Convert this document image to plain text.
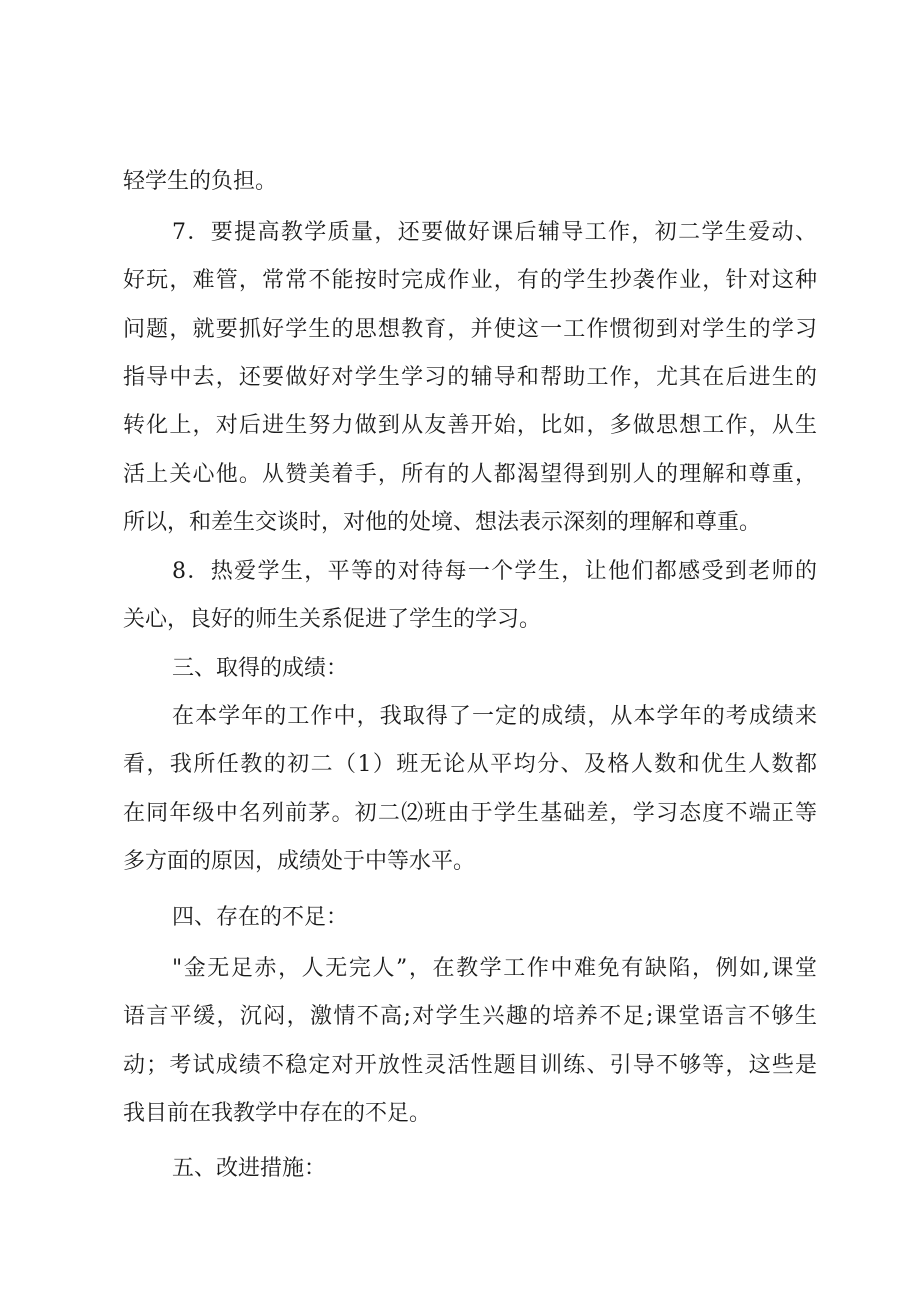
轻学生的负担。
7．要提高教学质量，还要做好课后辅导工作，初二学生爱动、
好玩，难管，常常不能按时完成作业，有的学生抄袭作业，针对这种
问题，就要抓好学生的思想教育，并使这一工作惯彻到对学生的学习
指导中去，还要做好对学生学习的辅导和帮助工作，尤其在后进生的
转化上，对后进生努力做到从友善开始，比如，多做思想工作，从生
活上关心他。从赞美着手，所有的人都渴望得到别人的理解和尊重，
所以，和差生交谈时，对他的处境、想法表示深刻的理解和尊重。
8．热爱学生，平等的对待每一个学生，让他们都感受到老师的
关心，良好的师生关系促进了学生的学习。
三、取得的成绩：
在本学年的工作中，我取得了一定的成绩，从本学年的考成绩来
看，我所任教的初二（1）班无论从平均分、及格人数和优生人数都
在同年级中名列前茅。初二⑵班由于学生基础差，学习态度不端正等
多方面的原因，成绩处于中等水平。
四、存在的不足：
"金无足赤，人无完人”，在教学工作中难免有缺陷，例如,课堂
语言平缓，沉闷，激情不高;对学生兴趣的培养不足;课堂语言不够生
动；考试成绩不稳定对开放性灵活性题目训练、引导不够等，这些是
我目前在我教学中存在的不足。
五、改进措施：
